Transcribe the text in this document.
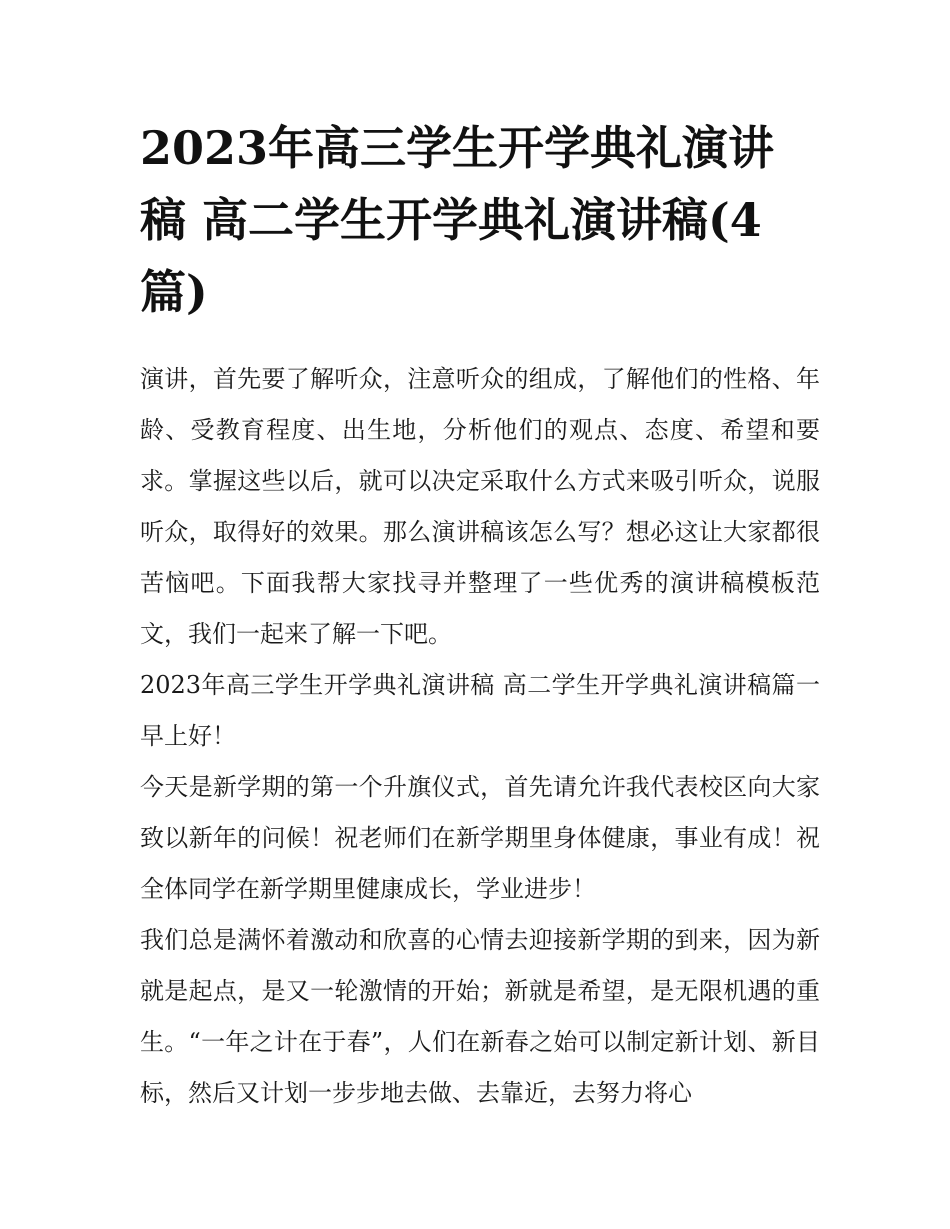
2023年高三学生开学典礼演讲稿 高二学生开学典礼演讲稿(4篇)

演讲，首先要了解听众，注意听众的组成，了解他们的性格、年龄、受教育程度、出生地，分析他们的观点、态度、希望和要求。掌握这些以后，就可以决定采取什么方式来吸引听众，说服听众，取得好的效果。那么演讲稿该怎么写？想必这让大家都很苦恼吧。下面我帮大家找寻并整理了一些优秀的演讲稿模板范文，我们一起来了解一下吧。

2023年高三学生开学典礼演讲稿 高二学生开学典礼演讲稿篇一 早上好！

今天是新学期的第一个升旗仪式，首先请允许我代表校区向大家致以新年的问候！祝老师们在新学期里身体健康，事业有成！祝全体同学在新学期里健康成长，学业进步！

我们总是满怀着激动和欣喜的心情去迎接新学期的到来，因为新就是起点，是又一轮激情的开始；新就是希望，是无限机遇的重生。“一年之计在于春”，人们在新春之始可以制定新计划、新目标，然后又计划一步步地去做、去靠近，去努力将心
